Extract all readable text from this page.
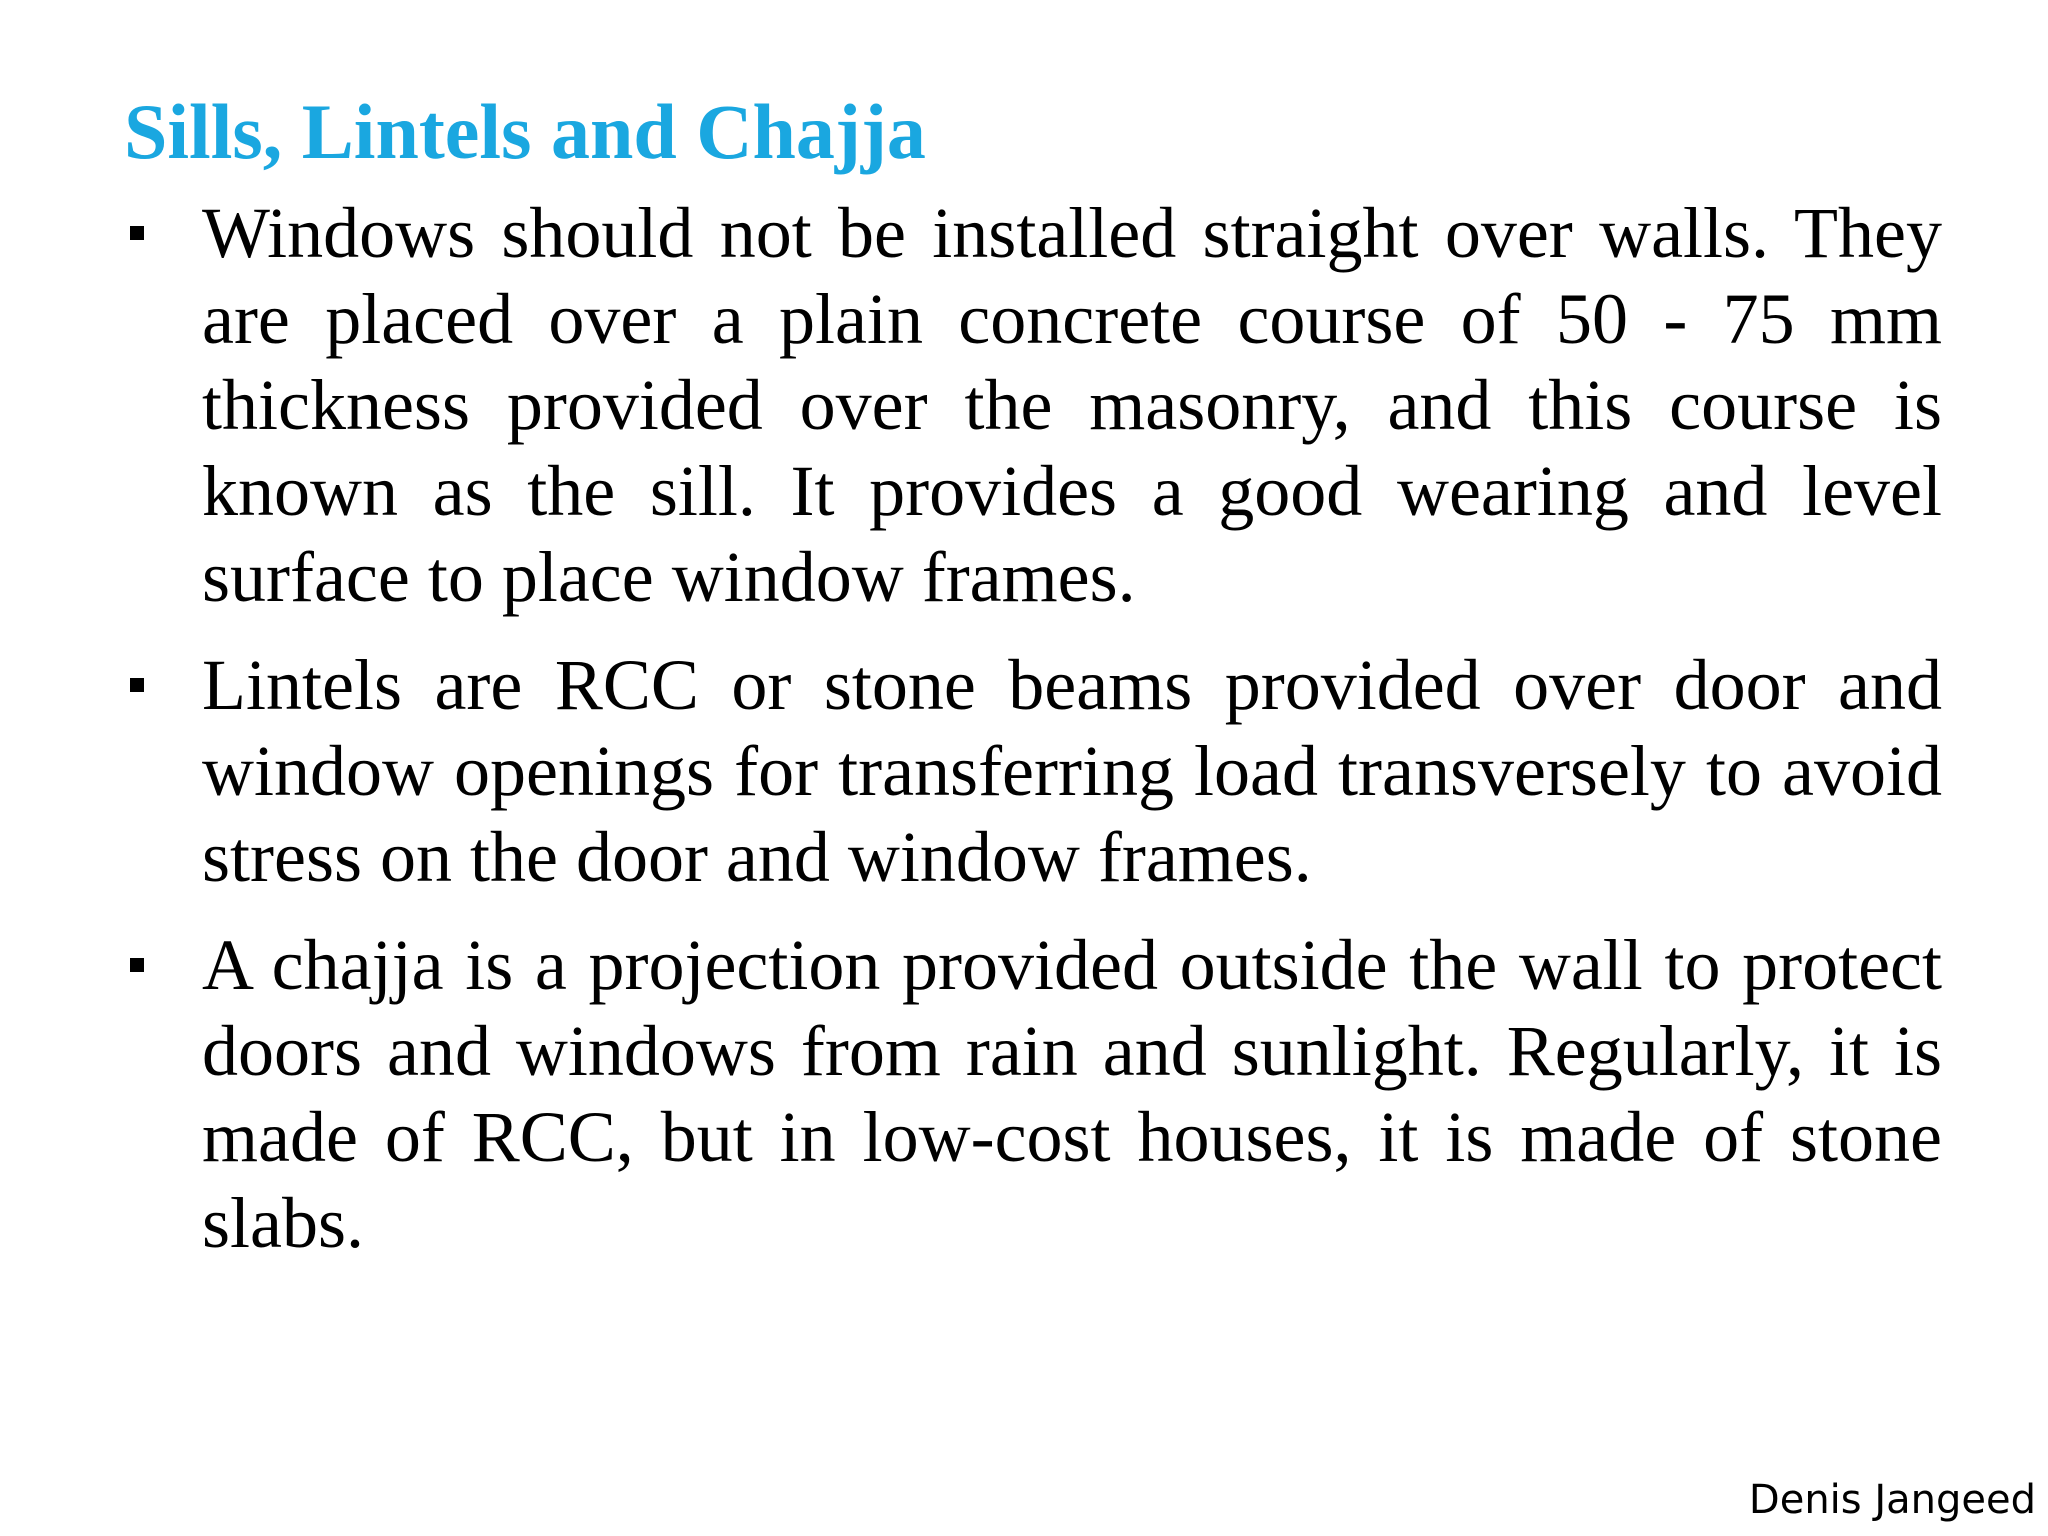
Sills, Lintels and Chajja
Windows should not be installed straight over walls. They are placed over a plain concrete course of 50 - 75 mm thickness provided over the masonry, and this course is known as the sill. It provides a good wearing and level surface to place window frames.
Lintels are RCC or stone beams provided over door and window openings for transferring load transversely to avoid stress on the door and window frames.
A chajja is a projection provided outside the wall to protect doors and windows from rain and sunlight. Regularly, it is made of RCC, but in low-cost houses, it is made of stone slabs.
Denis Jangeed
